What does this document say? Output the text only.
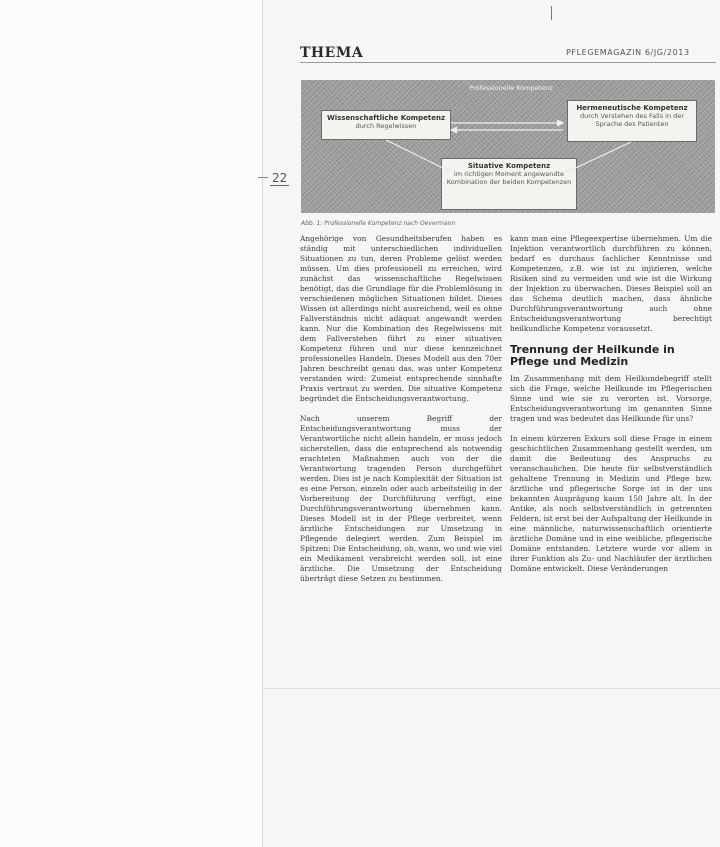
22
THEMA	PFLEGEMAGAZIN 6/JG/2013
Professionelle Kompetenz
Wissenschaftliche Kompetenz
durch Regelwissen
Hermeneutische Kompetenz
durch Verstehen des Falls in der Sprache des Patienten
Situative Kompetenz
im richtigen Moment angewandte Kombination der beiden Kompetenzen
Abb. 1: Professionelle Kompetenz nach Oevermann

Angehörige von Gesundheitsberufen haben es ständig mit unterschiedlichen individuellen Situationen zu tun, deren Probleme gelöst werden müssen. Um dies professionell zu erreichen, wird zunächst das wissenschaftliche Regelwissen benötigt, das die Grundlage für die Problemlösung in verschiedenen möglichen Situationen bildet. Dieses Wissen ist allerdings nicht ausreichend, weil es ohne Fallverständnis nicht adäquat angewandt werden kann. Nur die Kombination des Regelwissens mit dem Fallverstehen führt zu einer situativen Kompetenz führen und nur diese kennzeichnet professionelles Handeln. Dieses Modell aus den 70er Jahren beschreibt genau das, was unter Kompetenz verstanden wird: Zumeist entsprechende sinnhafte Praxis vertraut zu werden. Die situative Kompetenz begründet die Entscheidungsverantwortung.

Nach unserem Begriff der Entscheidungsverantwortung muss der Verantwortliche nicht allein handeln, er muss jedoch sicherstellen, dass die entsprechend als notwendig erachteten Maßnahmen auch von der die Verantwortung tragenden Person durchgeführt werden. Dies ist je nach Komplexität der Situation ist es eine Person, einzeln oder auch arbeitsteilig in der Vorbereitung der Durchführung verfügt, eine Durchführungsverantwortung übernehmen kann. Dieses Modell ist in der Pflege verbreitet, wenn ärztliche Entscheidungen zur Umsetzung in Pflegende delegiert werden. Zum Beispiel im Spitzen: Die Entscheidung, ob, wann, wo und wie viel ein Medikament verabreicht werden soll, ist eine ärztliche. Die Umsetzung der Entscheidung überträgt diese Setzen zu bestimmen.

kann man eine Pflegeexpertise übernehmen. Um die Injektion verantwortlich durchführen zu können, bedarf es durchaus fachlicher Kenntnisse und Kompetenzen, z.B. wie ist zu injizieren, welche Risiken sind zu vermeiden und wie ist die Wirkung der Injektion zu überwachen. Dieses Beispiel soll an das Schema deutlich machen, dass ähnliche Durchführungsverantwortung auch ohne Entscheidungsverantwortung berechtigt heilkundliche Kompetenz voraussetzt.

Trennung der Heilkunde in Pflege und Medizin

Im Zusammenhang mit dem Heilkundebegriff stellt sich die Frage, welche Heilkunde im Pflegerischen Sinne und wie sie zu verorten ist. Vorsorge, Entscheidungsverantwortung im genannten Sinne tragen und was bedeutet das Heilkunde für uns?

In einem kürzeren Exkurs soll diese Frage in einem geschichtlichen Zusammenhang gestellt werden, um damit die Bedeutung des Anspruchs zu veranschaulichen. Die heute für selbstverständlich gehaltene Trennung in Medizin und Pflege bzw. ärztliche und pflegerische Sorge ist in der uns bekannten Ausprägung kaum 150 Jahre alt. In der Antike, als noch selbstverständlich in getrennten Feldern, ist erst bei der Aufspaltung der Heilkunde in eine männliche, naturwissenschaftlich orientierte ärztliche Domäne und in eine weibliche, pflegerische Domäne entstanden. Letztere wurde vor allem in ihrer Funktion als Zu- und Nachläufer der ärztlichen Domäne entwickelt. Diese Veränderungen
